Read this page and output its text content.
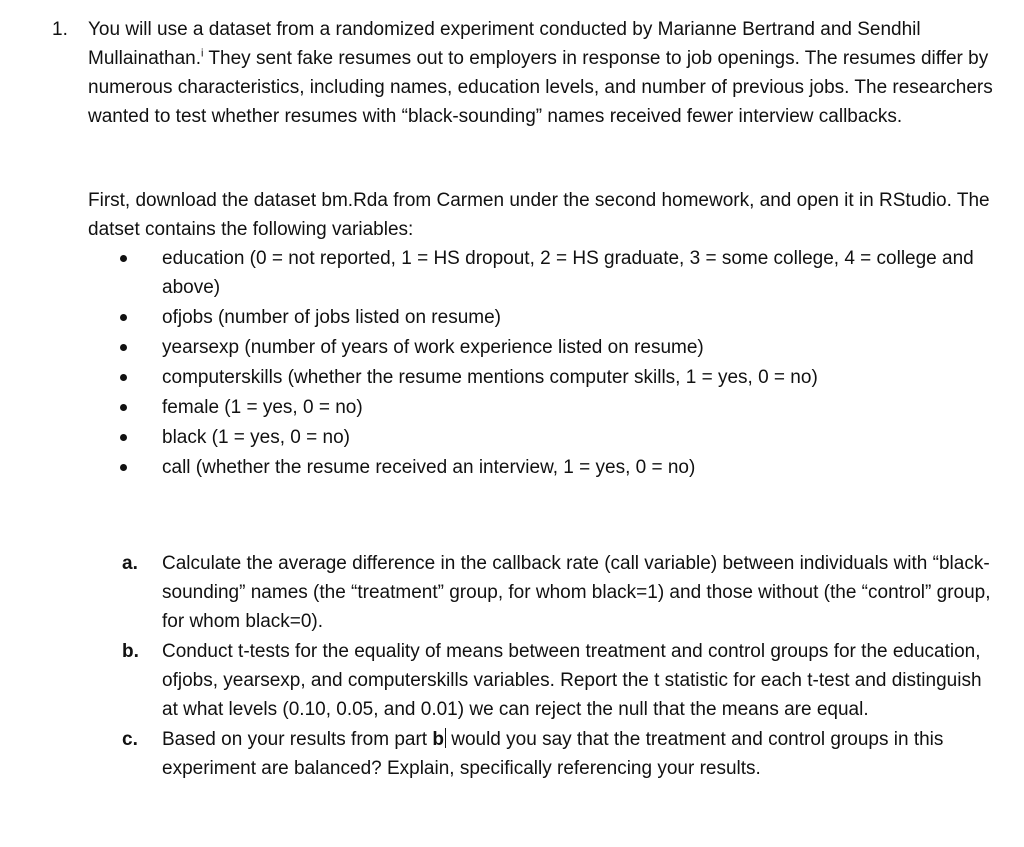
1. You will use a dataset from a randomized experiment conducted by Marianne Bertrand and Sendhil Mullainathan.$^i$ They sent fake resumes out to employers in response to job openings. The resumes differ by numerous characteristics, including names, education levels, and number of previous jobs. The researchers wanted to test whether resumes with “black-sounding” names received fewer interview callbacks.
First, download the dataset bm.Rda from Carmen under the second homework, and open it in RStudio. The datset contains the following variables:
education (0 = not reported, 1 = HS dropout, 2 = HS graduate, 3 = some college, 4 = college and above)
ofjobs (number of jobs listed on resume)
yearsexp (number of years of work experience listed on resume)
computerskills (whether the resume mentions computer skills, 1 = yes, 0 = no)
female (1 = yes, 0 = no)
black (1 = yes, 0 = no)
call (whether the resume received an interview, 1 = yes, 0 = no)
a. Calculate the average difference in the callback rate (call variable) between individuals with “black-sounding” names (the “treatment” group, for whom black=1) and those without (the “control” group, for whom black=0).
b. Conduct t-tests for the equality of means between treatment and control groups for the education, ofjobs, yearsexp, and computerskills variables. Report the t statistic for each t-test and distinguish at what levels (0.10, 0.05, and 0.01) we can reject the null that the means are equal.
c. Based on your results from part b would you say that the treatment and control groups in this experiment are balanced? Explain, specifically referencing your results.
